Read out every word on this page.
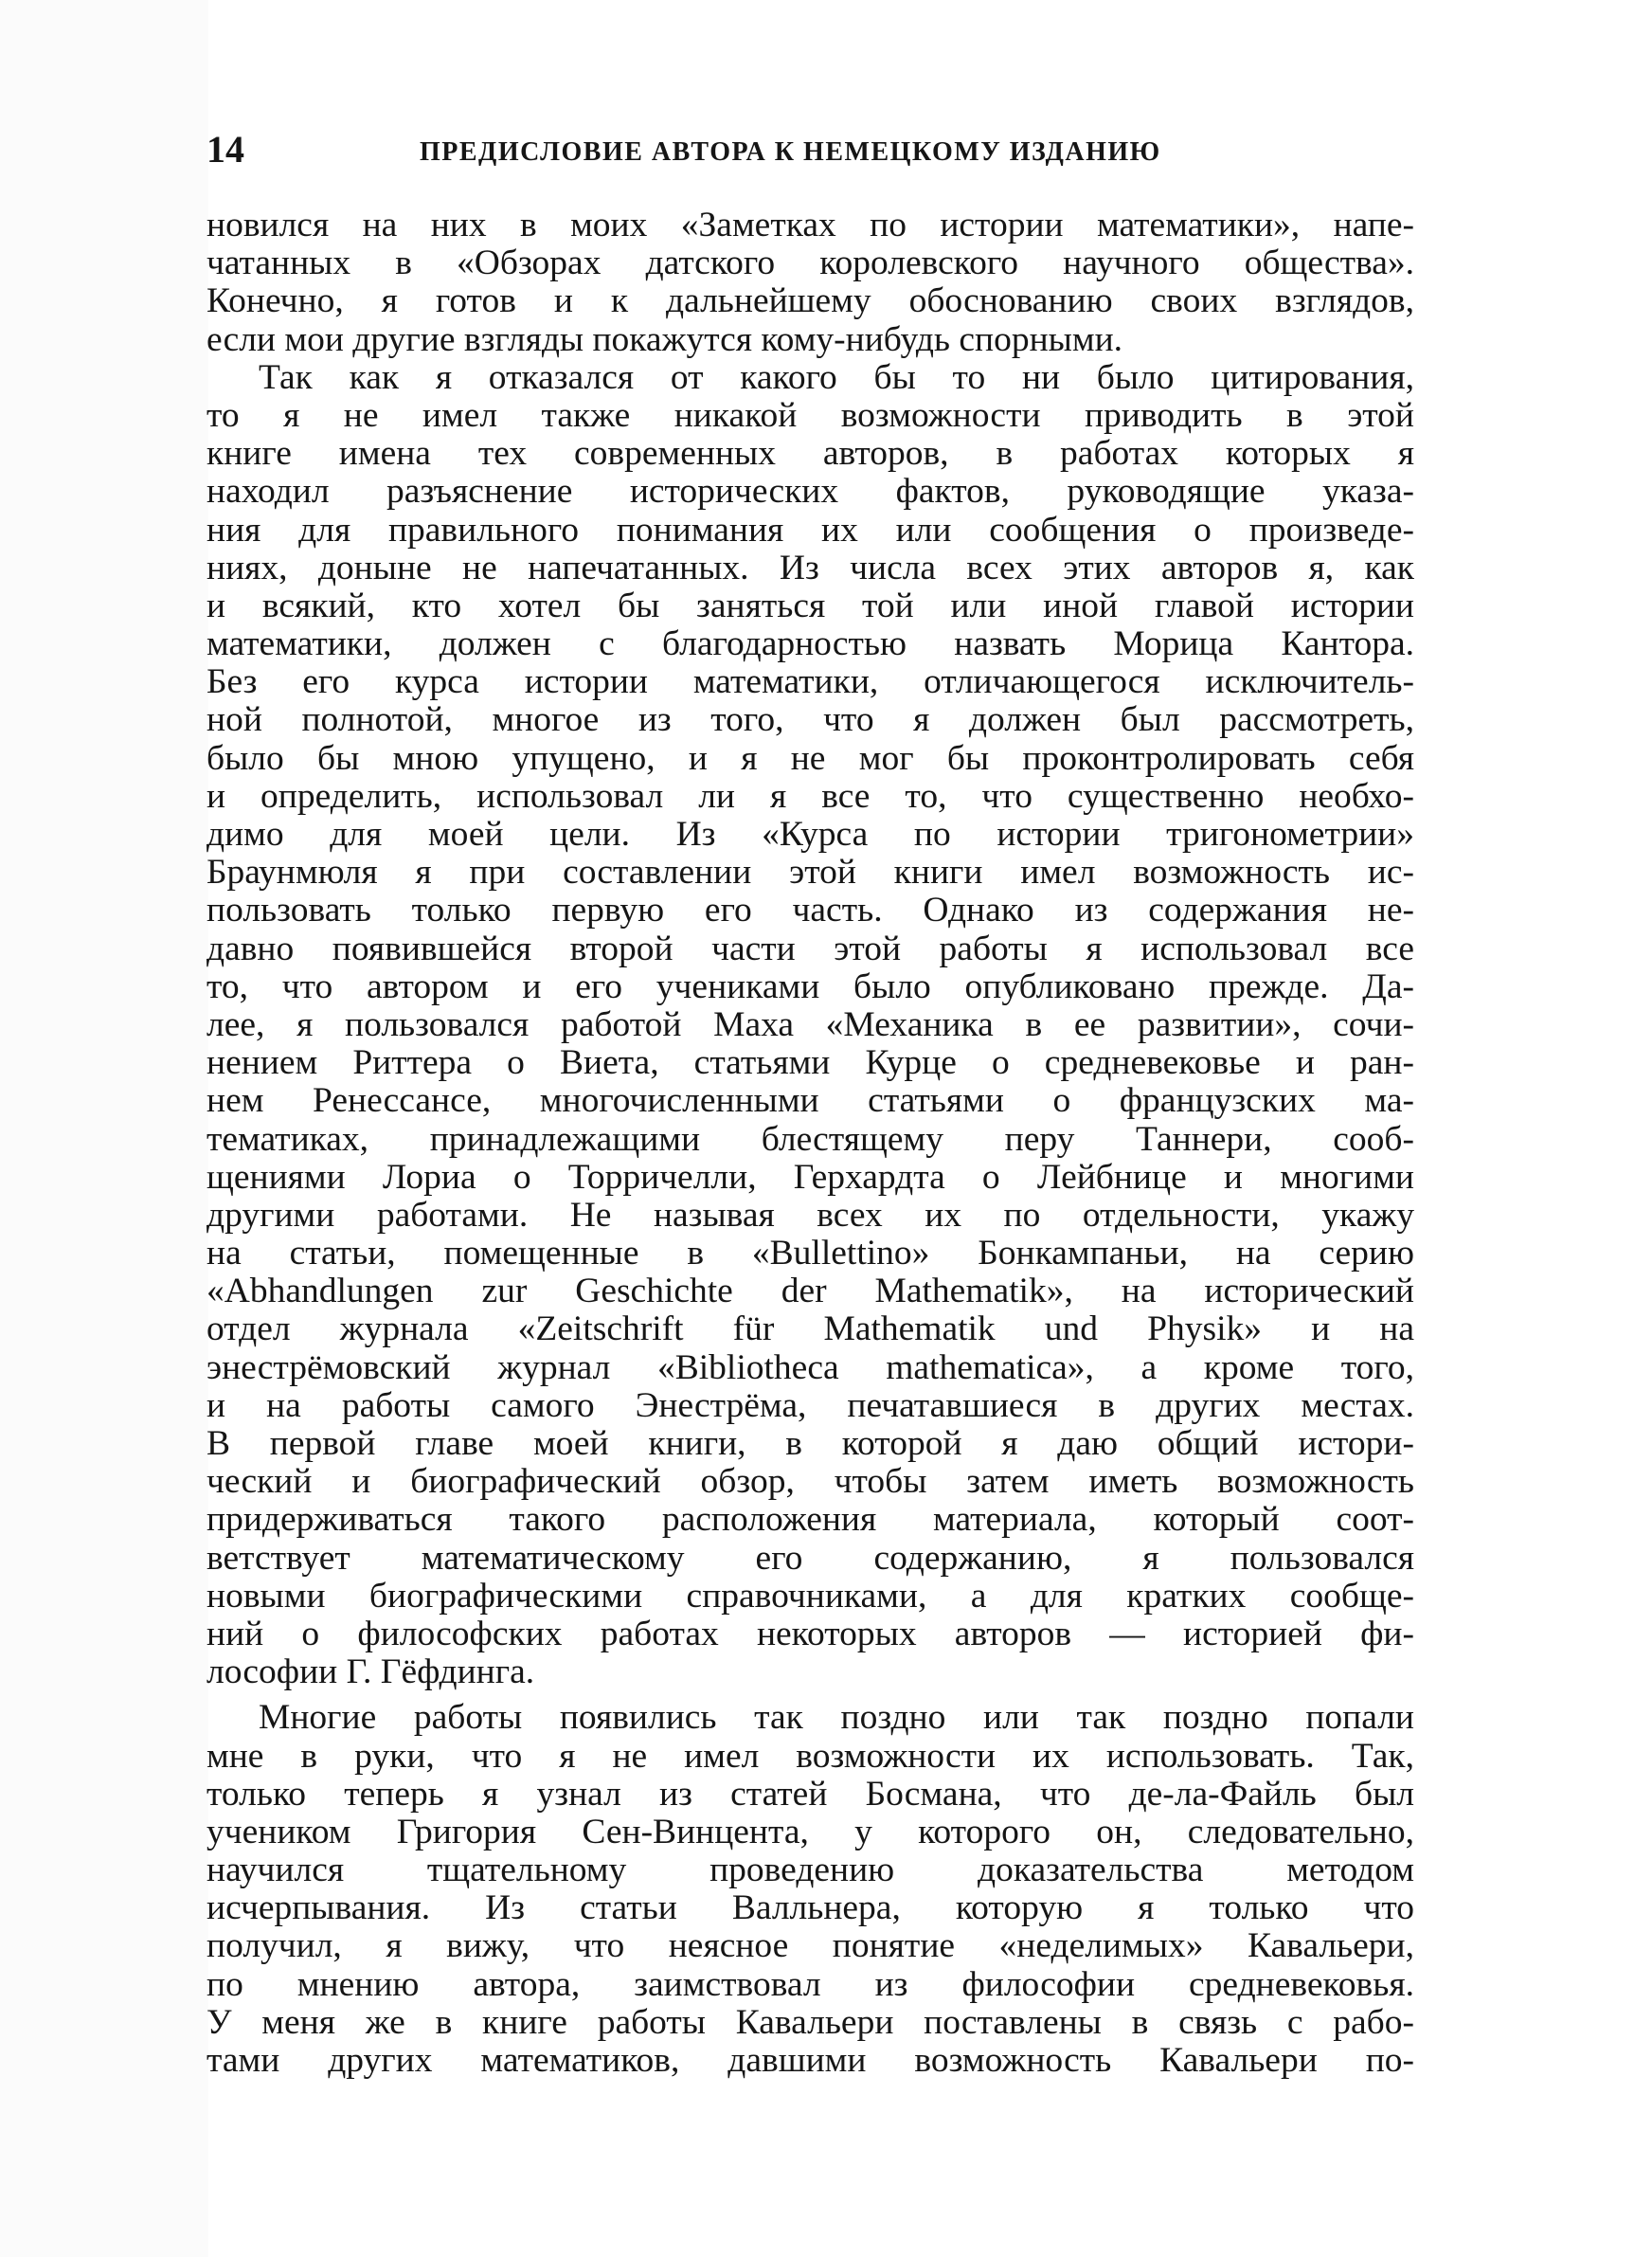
14	ПРЕДИСЛОВИЕ АВТОРА К НЕМЕЦКОМУ ИЗДАНИЮ
новился на них в моих «Заметках по истории математики», напе-
чатанных в «Обзорах датского королевского научного общества».
Конечно, я готов и к дальнейшему обоснованию своих взглядов,
если мои другие взгляды покажутся кому-нибудь спорными.
Так как я отказался от какого бы то ни было цитирования,
то я не имел также никакой возможности приводить в этой
книге имена тех современных авторов, в работах которых я
находил разъяснение исторических фактов, руководящие указа-
ния для правильного понимания их или сообщения о произведе-
ниях, доныне не напечатанных. Из числа всех этих авторов я, как
и всякий, кто хотел бы заняться той или иной главой истории
математики, должен с благодарностью назвать Морица Кантора.
Без его курса истории математики, отличающегося исключитель-
ной полнотой, многое из того, что я должен был рассмотреть,
было бы мною упущено, и я не мог бы проконтролировать себя
и определить, использовал ли я все то, что существенно необхо-
димо для моей цели. Из «Курса по истории тригонометрии»
Браунмюля я при составлении этой книги имел возможность ис-
пользовать только первую его часть. Однако из содержания не-
давно появившейся второй части этой работы я использовал все
то, что автором и его учениками было опубликовано прежде. Да-
лее, я пользовался работой Маха «Механика в ее развитии», сочи-
нением Риттера о Виета, статьями Курце о средневековье и ран-
нем Ренессансе, многочисленными статьями о французских ма-
тематиках, принадлежащими блестящему перу Таннери, сооб-
щениями Лориа о Торричелли, Герхардта о Лейбнице и многими
другими работами. Не называя всех их по отдельности, укажу
на статьи, помещенные в «Bullettino» Бонкампаньи, на серию
«Abhandlungen zur Geschichte der Mathematik», на исторический
отдел журнала «Zeitschrift für Mathematik und Physik» и на
энестрёмовский журнал «Bibliotheca mathematica», а кроме того,
и на работы самого Энестрёма, печатавшиеся в других местах.
В первой главе моей книги, в которой я даю общий истори-
ческий и биографический обзор, чтобы затем иметь возможность
придерживаться такого расположения материала, который соот-
ветствует математическому его содержанию, я пользовался
новыми биографическими справочниками, а для кратких сообще-
ний о философских работах некоторых авторов — историей фи-
лософии Г. Гёфдинга.
Многие работы появились так поздно или так поздно попали
мне в руки, что я не имел возможности их использовать. Так,
только теперь я узнал из статей Босмана, что де-ла-Файль был
учеником Григория Сен-Винцента, у которого он, следовательно,
научился тщательному проведению доказательства методом
исчерпывания. Из статьи Валльнера, которую я только что
получил, я вижу, что неясное понятие «неделимых» Кавальери,
по мнению автора, заимствовал из философии средневековья.
У меня же в книге работы Кавальери поставлены в связь с рабо-
тами других математиков, давшими возможность Кавальери по-
